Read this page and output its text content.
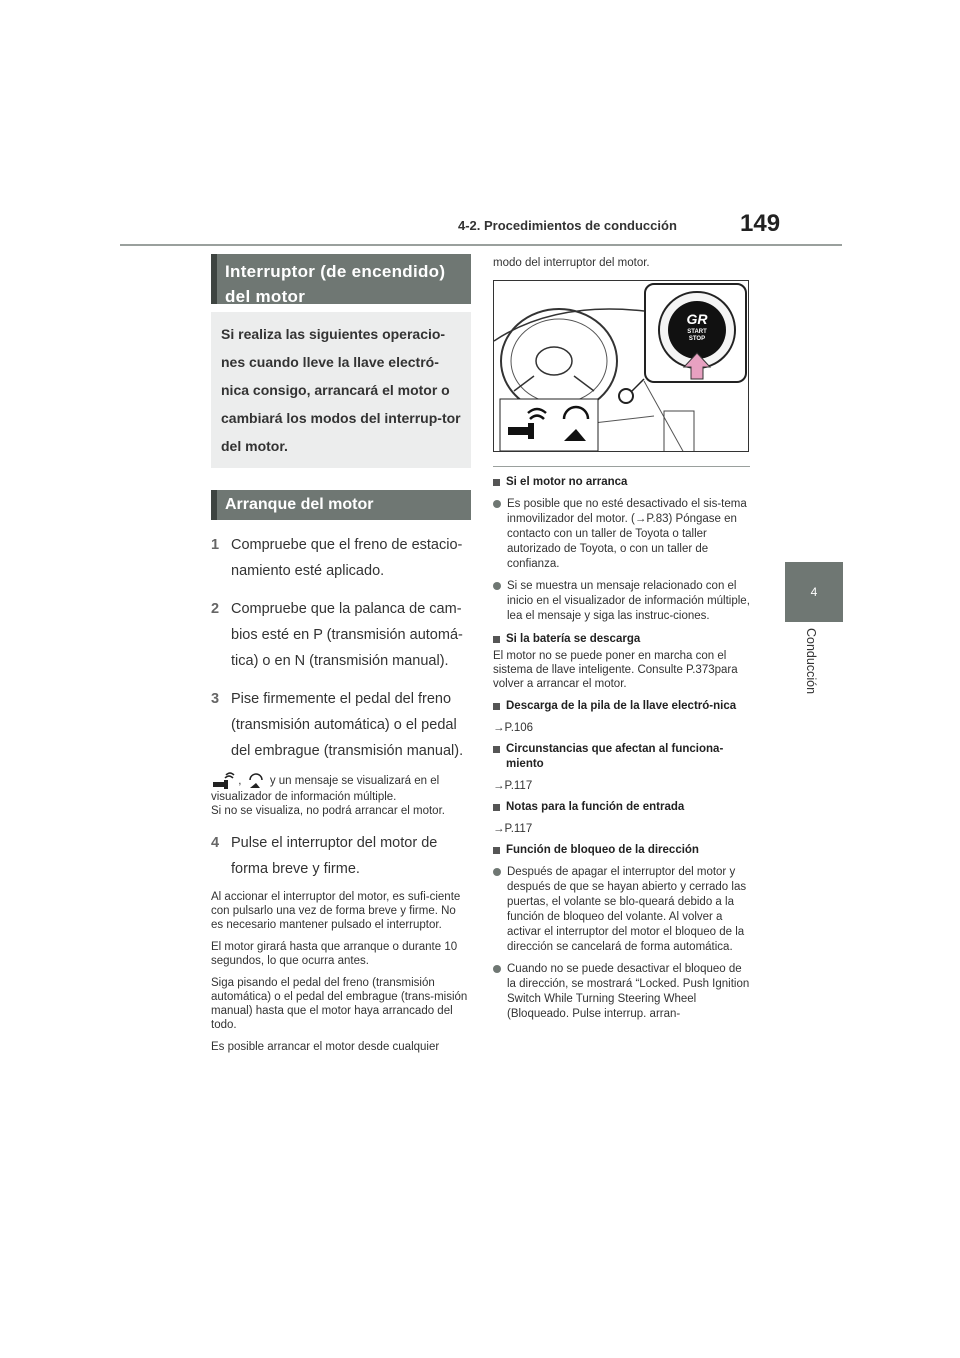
4-2. Procedimientos de conducción	149
4
Conducción
Interruptor (de encendido) del motor
Si realiza las siguientes operacio-nes cuando lleve la llave electró-nica consigo, arrancará el motor o cambiará los modos del interrup-tor del motor.
Arranque del motor
1 Compruebe que el freno de estacio-namiento esté aplicado.
2 Compruebe que la palanca de cam-bios esté en P (transmisión automá-tica) o en N (transmisión manual).
3 Pise firmemente el pedal del freno (transmisión automática) o el pedal del embrague (transmisión manual).
, y un mensaje se visualizará en el visualizador de información múltiple.
Si no se visualiza, no podrá arrancar el motor.
4 Pulse el interruptor del motor de forma breve y firme.
Al accionar el interruptor del motor, es sufi-ciente con pulsarlo una vez de forma breve y firme. No es necesario mantener pulsado el interruptor.
El motor girará hasta que arranque o durante 10 segundos, lo que ocurra antes.
Siga pisando el pedal del freno (transmisión automática) o el pedal del embrague (trans-misión manual) hasta que el motor haya arrancado del todo.
Es posible arrancar el motor desde cualquier
modo del interruptor del motor.
GR
START
STOP
Si el motor no arranca
Es posible que no esté desactivado el sis-tema inmovilizador del motor. (→P.83) Póngase en contacto con un taller de Toyota o taller autorizado de Toyota, o con un taller de confianza.
Si se muestra un mensaje relacionado con el inicio en el visualizador de información múltiple, lea el mensaje y siga las instruc-ciones.
Si la batería se descarga
El motor no se puede poner en marcha con el sistema de llave inteligente. Consulte P.373para volver a arrancar el motor.
Descarga de la pila de la llave electró-nica
→P.106
Circunstancias que afectan al funciona-miento
→P.117
Notas para la función de entrada
→P.117
Función de bloqueo de la dirección
Después de apagar el interruptor del motor y después de que se hayan abierto y cerrado las puertas, el volante se blo-queará debido a la función de bloqueo del volante. Al volver a activar el interruptor del motor el bloqueo de la dirección se cancelará de forma automática.
Cuando no se puede desactivar el bloqueo de la dirección, se mostrará “Locked. Push Ignition Switch While Turning Steering Wheel (Bloqueado. Pulse interrup. arran-
